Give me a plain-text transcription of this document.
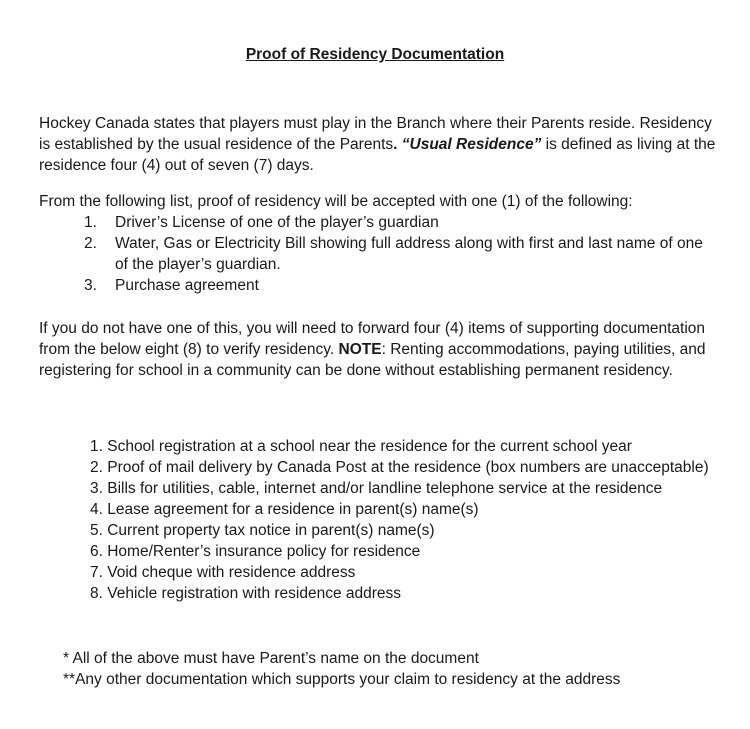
Proof of Residency Documentation

Hockey Canada states that players must play in the Branch where their Parents reside. Residency is established by the usual residence of the Parents. “Usual Residence” is defined as living at the residence four (4) out of seven (7) days.

From the following list, proof of residency will be accepted with one (1) of the following:

1.	Driver’s License of one of the player’s guardian
2.	Water, Gas or Electricity Bill showing full address along with first and last name of one of the player’s guardian.
3.	Purchase agreement

If you do not have one of this, you will need to forward four (4) items of supporting documentation from the below eight (8) to verify residency. NOTE: Renting accommodations, paying utilities, and registering for school in a community can be done without establishing permanent residency.

1. School registration at a school near the residence for the current school year
2. Proof of mail delivery by Canada Post at the residence (box numbers are unacceptable)
3. Bills for utilities, cable, internet and/or landline telephone service at the residence
4. Lease agreement for a residence in parent(s) name(s)
5. Current property tax notice in parent(s) name(s)
6. Home/Renter’s insurance policy for residence
7. Void cheque with residence address
8. Vehicle registration with residence address
* All of the above must have Parent’s name on the document
**Any other documentation which supports your claim to residency at the address
